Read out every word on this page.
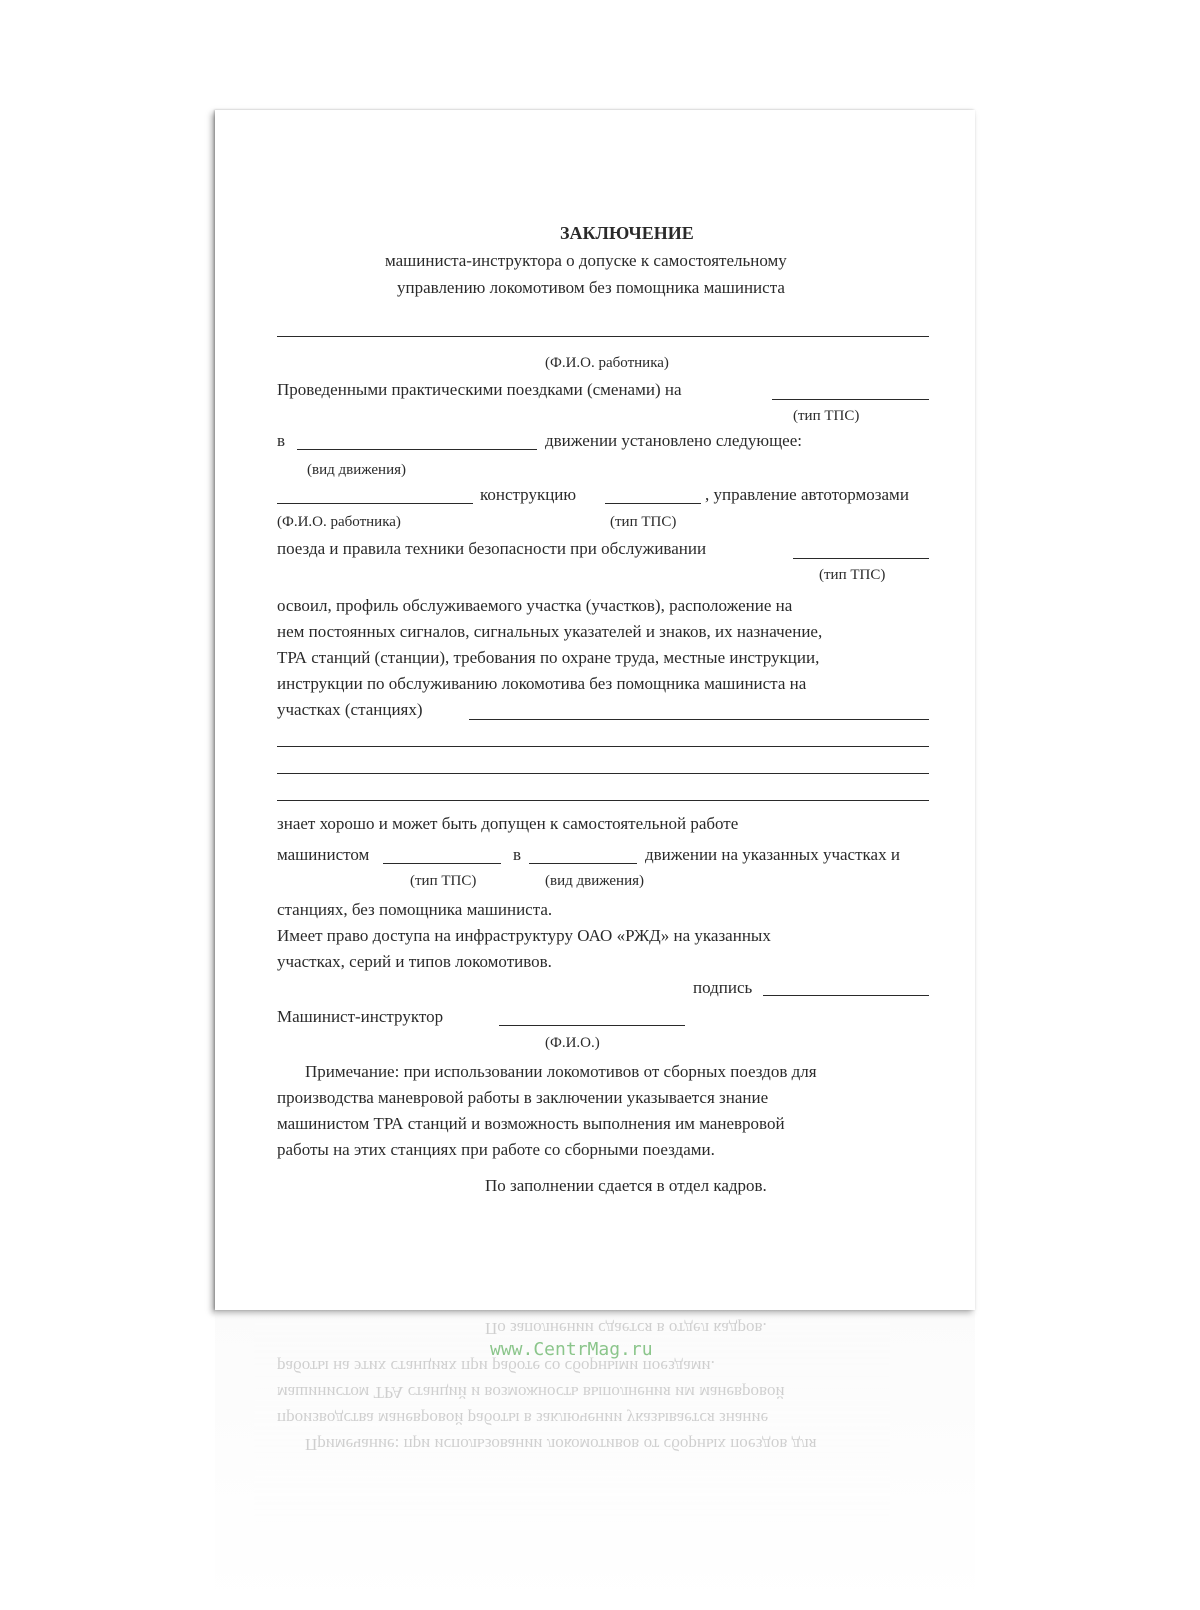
ЗАКЛЮЧЕНИЕ
машиниста-инструктора о допуске к самостоятельному
управлению локомотивом без помощника машиниста
(Ф.И.О. работника)
Проведенными практическими поездками (сменами) на
(тип ТПС)
в	движении установлено следующее:
(вид движения)
конструкцию	, управление автотормозами
(Ф.И.О. работника)	(тип ТПС)
поезда и правила техники безопасности при обслуживании
(тип ТПС)
освоил, профиль обслуживаемого участка (участков), расположение на
нем постоянных сигналов, сигнальных указателей и знаков, их назначение,
ТРА станций (станции), требования по охране труда, местные инструкции,
инструкции по обслуживанию локомотива без помощника машиниста на
участках (станциях)
знает хорошо и может быть допущен к самостоятельной работе
машинистом	в	движении на указанных участках и
(тип ТПС)	(вид движения)
станциях, без помощника машиниста.
Имеет право доступа на инфраструктуру ОАО «РЖД» на указанных
участках, серий и типов локомотивов.
подпись
Машинист-инструктор
(Ф.И.О.)
Примечание: при использовании локомотивов от сборных поездов для
производства маневровой работы в заключении указывается знание
машинистом ТРА станций и возможность выполнения им маневровой
работы на этих станциях при работе со сборными поездами.
По заполнении сдается в отдел кадров.
По заполнении сдается в отдел кадров.
работы на этих станциях при работе со сборными поездами.
машинистом ТРА станций и возможность выполнения им маневровой
производства маневровой работы в заключении указывается знание
Примечание: при использовании локомотивов от сборных поездов для
www.CentrMag.ru
